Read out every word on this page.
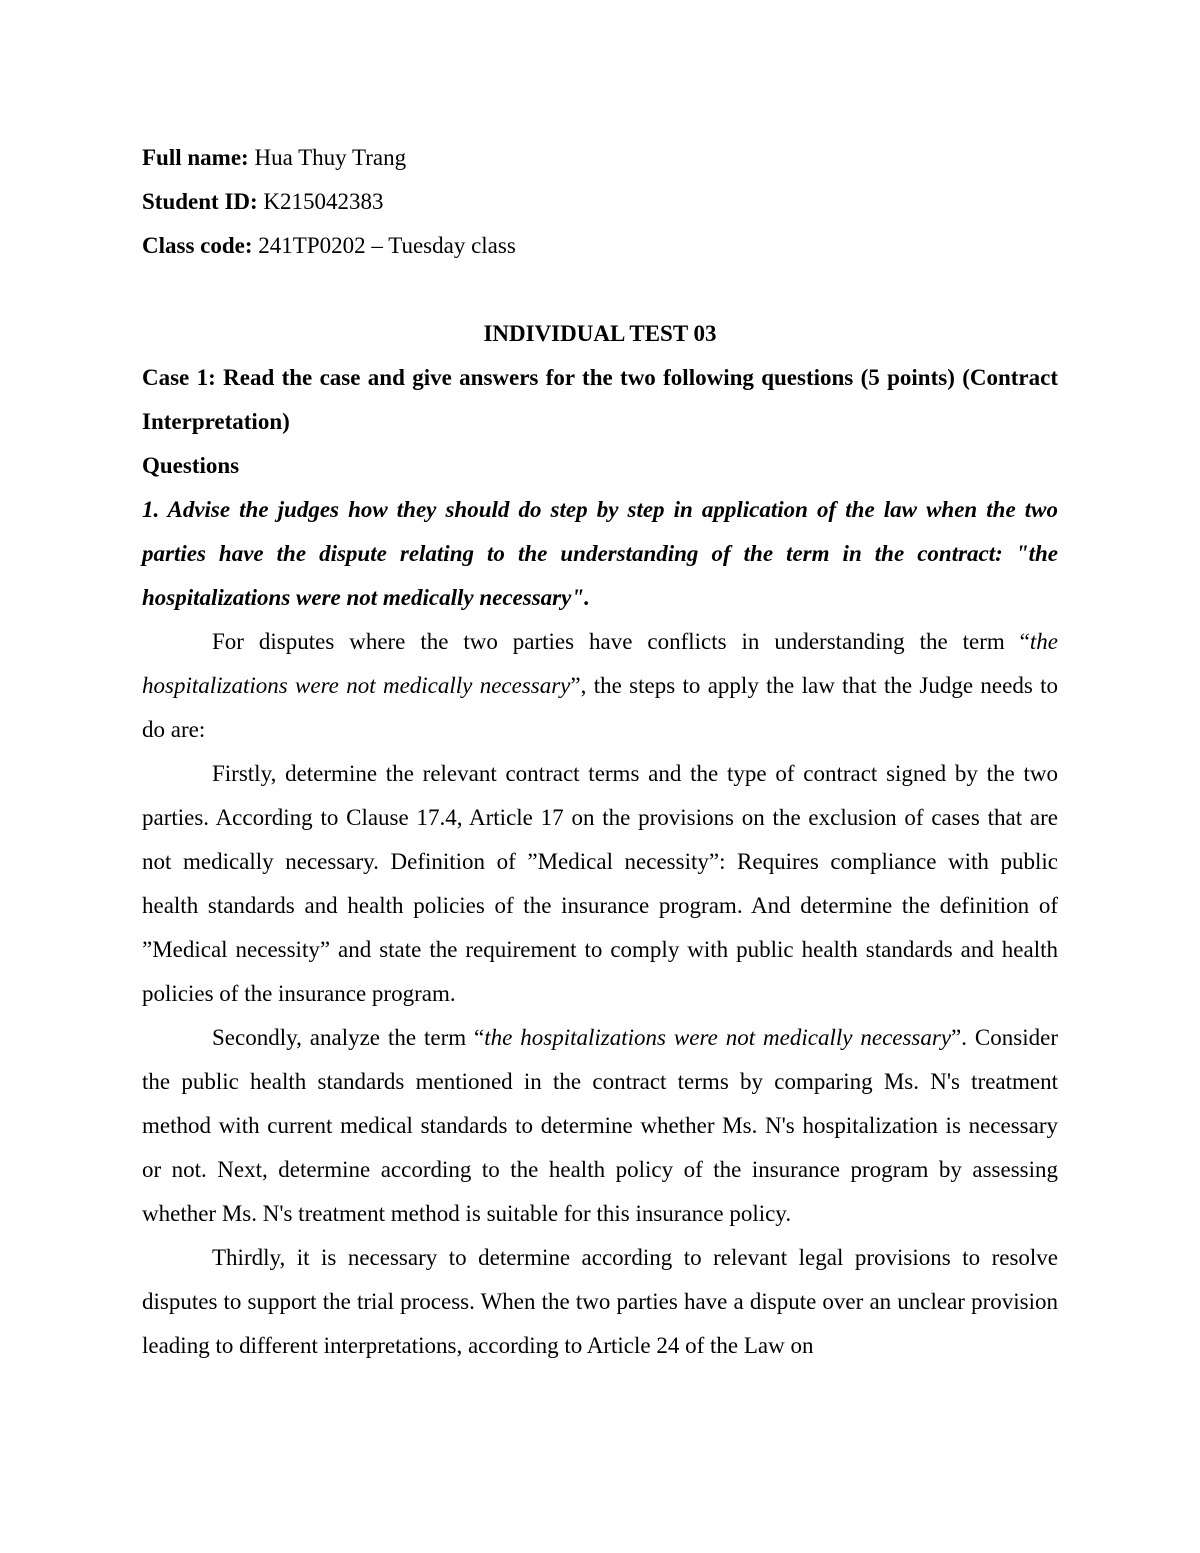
Full name: Hua Thuy Trang

Student ID: K215042383

Class code: 241TP0202 – Tuesday class

INDIVIDUAL TEST 03

Case 1: Read the case and give answers for the two following questions (5 points) (Contract Interpretation)

Questions

1. Advise the judges how they should do step by step in application of the law when the two parties have the dispute relating to the understanding of the term in the contract: "the hospitalizations were not medically necessary".

For disputes where the two parties have conflicts in understanding the term “the hospitalizations were not medically necessary”, the steps to apply the law that the Judge needs to do are:

Firstly, determine the relevant contract terms and the type of contract signed by the two parties. According to Clause 17.4, Article 17 on the provisions on the exclusion of cases that are not medically necessary. Definition of ”Medical necessity”: Requires compliance with public health standards and health policies of the insurance program. And determine the definition of ”Medical necessity” and state the requirement to comply with public health standards and health policies of the insurance program.

Secondly, analyze the term “the hospitalizations were not medically necessary”. Consider the public health standards mentioned in the contract terms by comparing Ms. N's treatment method with current medical standards to determine whether Ms. N's hospitalization is necessary or not. Next, determine according to the health policy of the insurance program by assessing whether Ms. N's treatment method is suitable for this insurance policy.

Thirdly, it is necessary to determine according to relevant legal provisions to resolve disputes to support the trial process. When the two parties have a dispute over an unclear provision leading to different interpretations, according to Article 24 of the Law on
